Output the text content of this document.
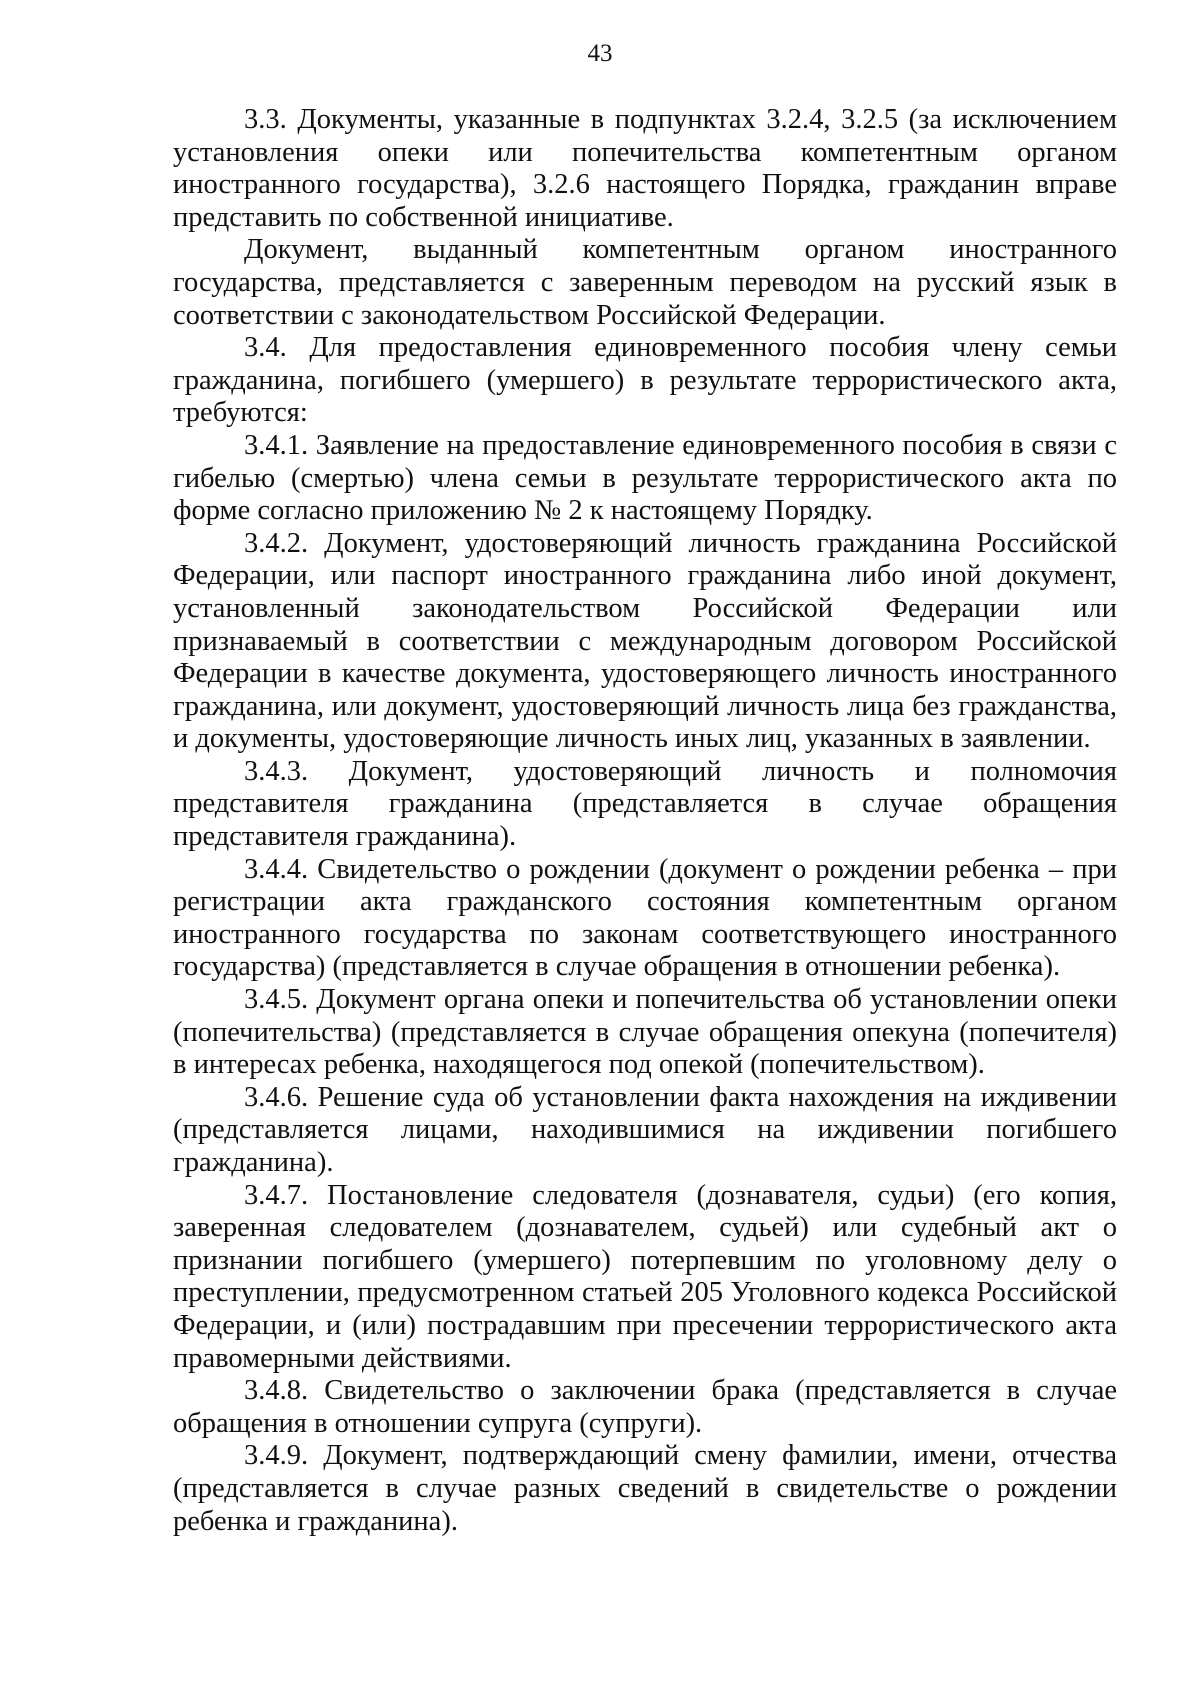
43

3.3. Документы, указанные в подпунктах 3.2.4, 3.2.5 (за исключением установления опеки или попечительства компетентным органом иностранного государства), 3.2.6 настоящего Порядка, гражданин вправе представить по собственной инициативе.

Документ, выданный компетентным органом иностранного государства, представляется с заверенным переводом на русский язык в соответствии с законодательством Российской Федерации.

3.4. Для предоставления единовременного пособия члену семьи гражданина, погибшего (умершего) в результате террористического акта, требуются:

3.4.1. Заявление на предоставление единовременного пособия в связи с гибелью (смертью) члена семьи в результате террористического акта по форме согласно приложению № 2 к настоящему Порядку.

3.4.2. Документ, удостоверяющий личность гражданина Российской Федерации, или паспорт иностранного гражданина либо иной документ, установленный законодательством Российской Федерации или признаваемый в соответствии с международным договором Российской Федерации в качестве документа, удостоверяющего личность иностранного гражданина, или документ, удостоверяющий личность лица без гражданства, и документы, удостоверяющие личность иных лиц, указанных в заявлении.

3.4.3. Документ, удостоверяющий личность и полномочия представителя гражданина (представляется в случае обращения представителя гражданина).

3.4.4. Свидетельство о рождении (документ о рождении ребенка – при регистрации акта гражданского состояния компетентным органом иностранного государства по законам соответствующего иностранного государства) (представляется в случае обращения в отношении ребенка).

3.4.5. Документ органа опеки и попечительства об установлении опеки (попечительства) (представляется в случае обращения опекуна (попечителя) в интересах ребенка, находящегося под опекой (попечительством).

3.4.6. Решение суда об установлении факта нахождения на иждивении (представляется лицами, находившимися на иждивении погибшего гражданина).

3.4.7. Постановление следователя (дознавателя, судьи) (его копия, заверенная следователем (дознавателем, судьей) или судебный акт о признании погибшего (умершего) потерпевшим по уголовному делу о преступлении, предусмотренном статьей 205 Уголовного кодекса Российской Федерации, и (или) пострадавшим при пресечении террористического акта правомерными действиями.

3.4.8. Свидетельство о заключении брака (представляется в случае обращения в отношении супруга (супруги).

3.4.9. Документ, подтверждающий смену фамилии, имени, отчества (представляется в случае разных сведений в свидетельстве о рождении ребенка и гражданина).
